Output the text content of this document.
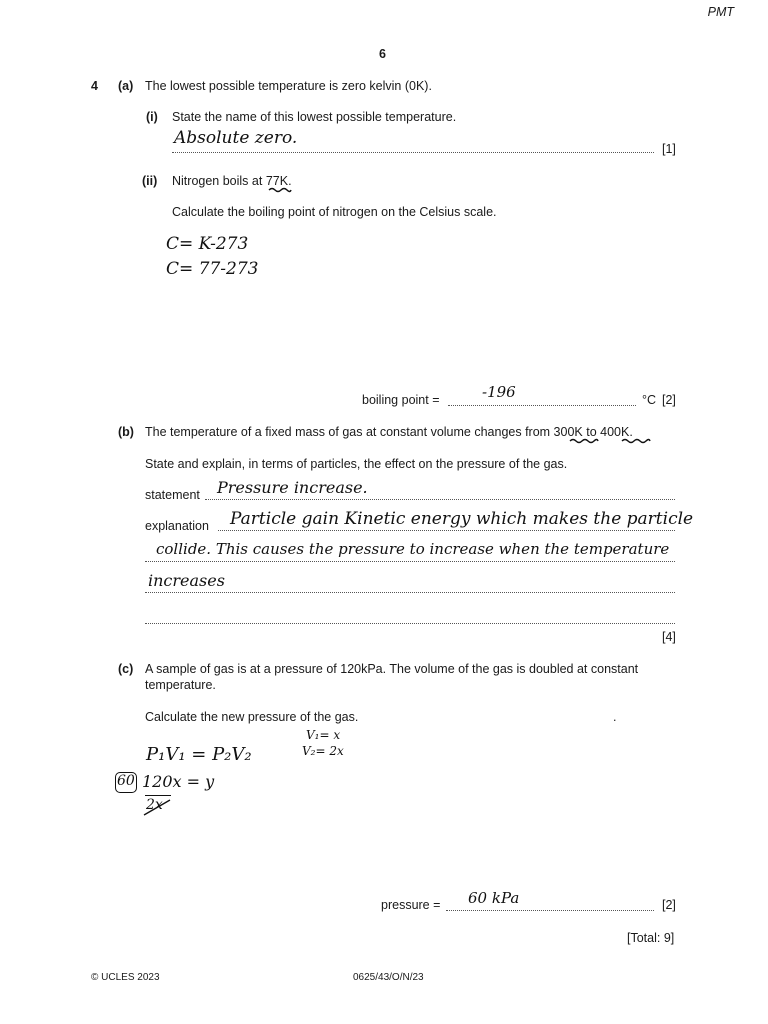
PMT
6
4 (a) The lowest possible temperature is zero kelvin (0K).
(i) State the name of this lowest possible temperature.
Absolute zero.
[1]
(ii) Nitrogen boils at 77K.
Calculate the boiling point of nitrogen on the Celsius scale.
C= K-273
C= 77-273
boiling point =	-196	°C [2]
(b) The temperature of a fixed mass of gas at constant volume changes from 300K to 400K.
State and explain, in terms of particles, the effect on the pressure of the gas.
statement Pressure increase.
explanation Particle gain Kinetic energy which makes the particle
collide. This causes the pressure to increase when the temperature
increases
[4]
(c) A sample of gas is at a pressure of 120kPa. The volume of the gas is doubled at constant
temperature.
Calculate the new pressure of the gas.	.
V₁= x
V₂= 2x
P₁V₁ = P₂V₂
60 120x = y
2x
pressure = 60 kPa	[2]
[Total: 9]
© UCLES 2023	0625/43/O/N/23
